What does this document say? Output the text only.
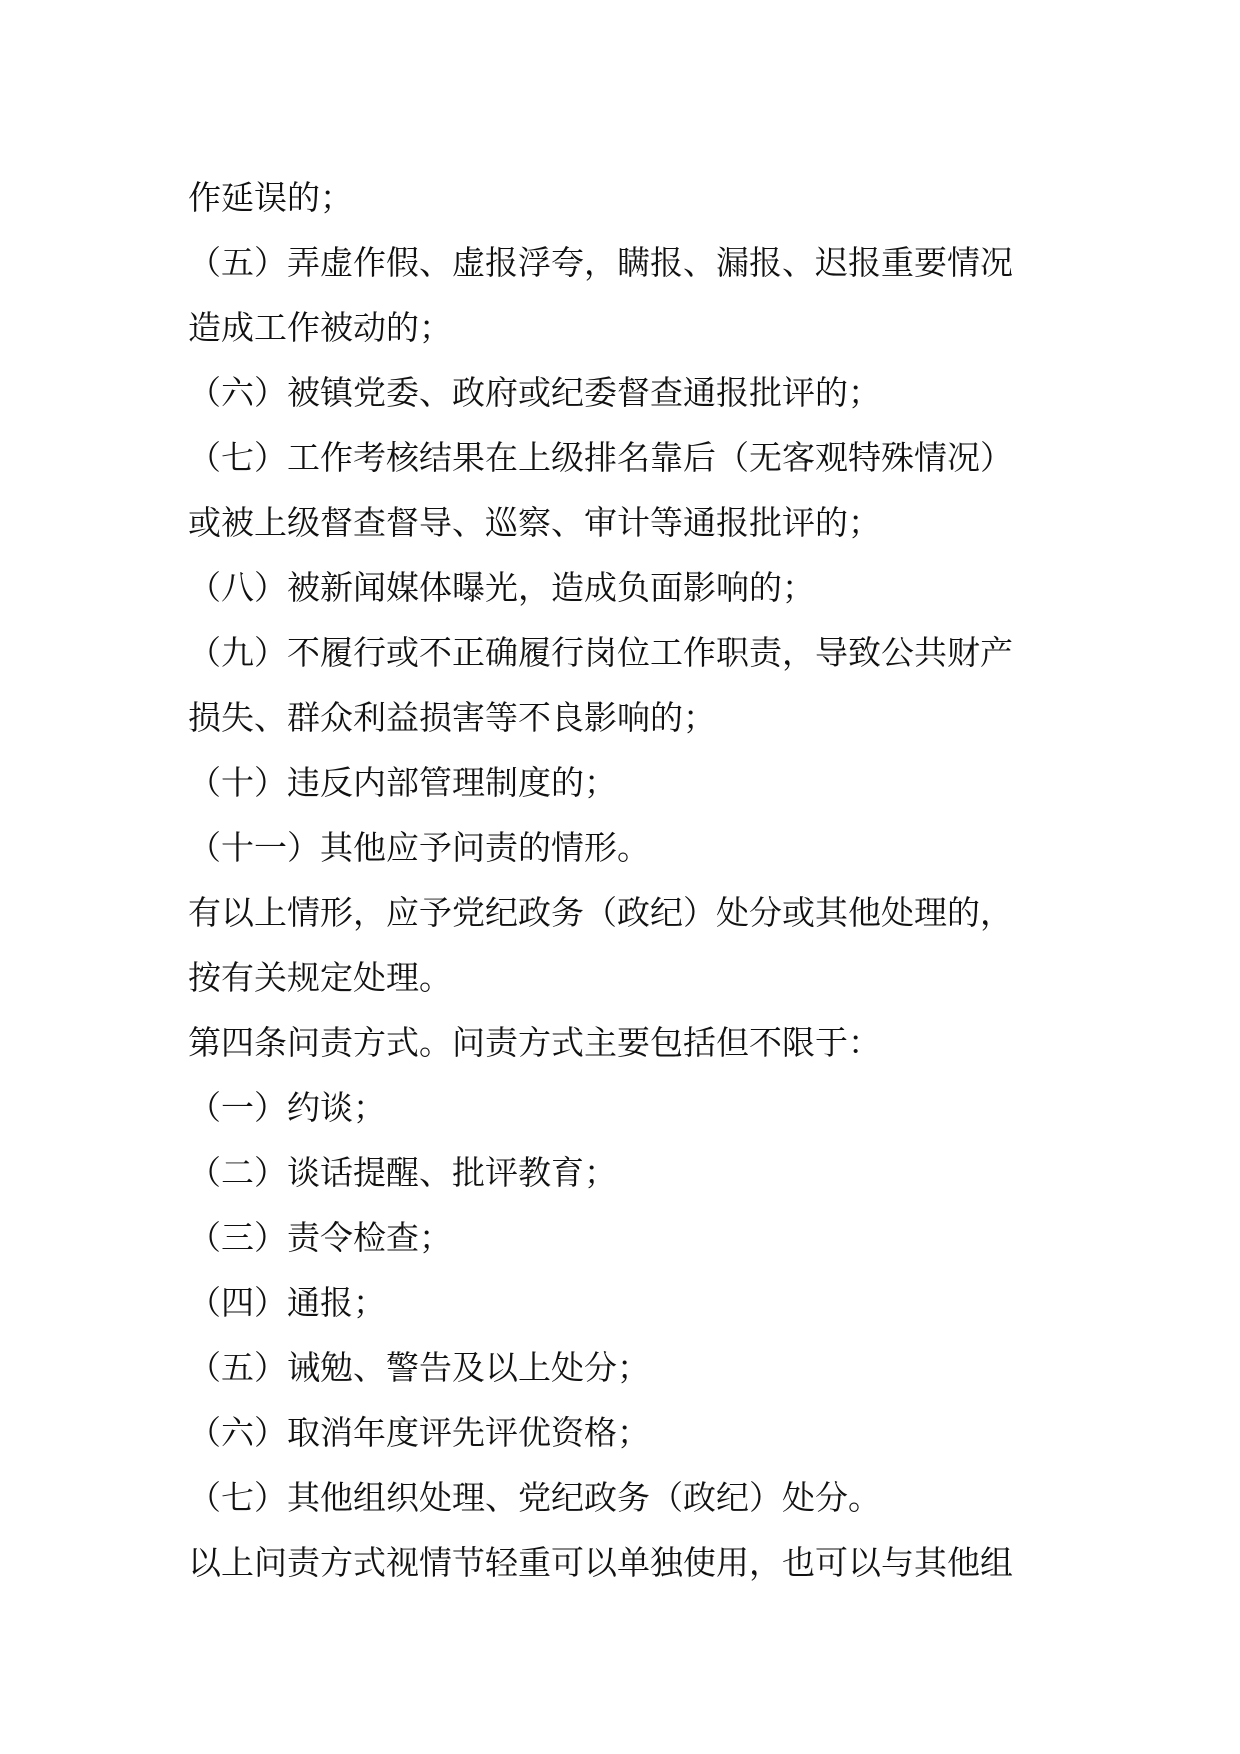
作延误的；
（五）弄虚作假、虚报浮夸，瞒报、漏报、迟报重要情况
造成工作被动的；
（六）被镇党委、政府或纪委督查通报批评的；
（七）工作考核结果在上级排名靠后（无客观特殊情况）
或被上级督查督导、巡察、审计等通报批评的；
（八）被新闻媒体曝光，造成负面影响的；
（九）不履行或不正确履行岗位工作职责，导致公共财产
损失、群众利益损害等不良影响的；
（十）违反内部管理制度的；
（十一）其他应予问责的情形。
有以上情形，应予党纪政务（政纪）处分或其他处理的，
按有关规定处理。
第四条问责方式。问责方式主要包括但不限于：
（一）约谈；
（二）谈话提醒、批评教育；
（三）责令检查；
（四）通报；
（五）诫勉、警告及以上处分；
（六）取消年度评先评优资格；
（七）其他组织处理、党纪政务（政纪）处分。
以上问责方式视情节轻重可以单独使用，也可以与其他组
